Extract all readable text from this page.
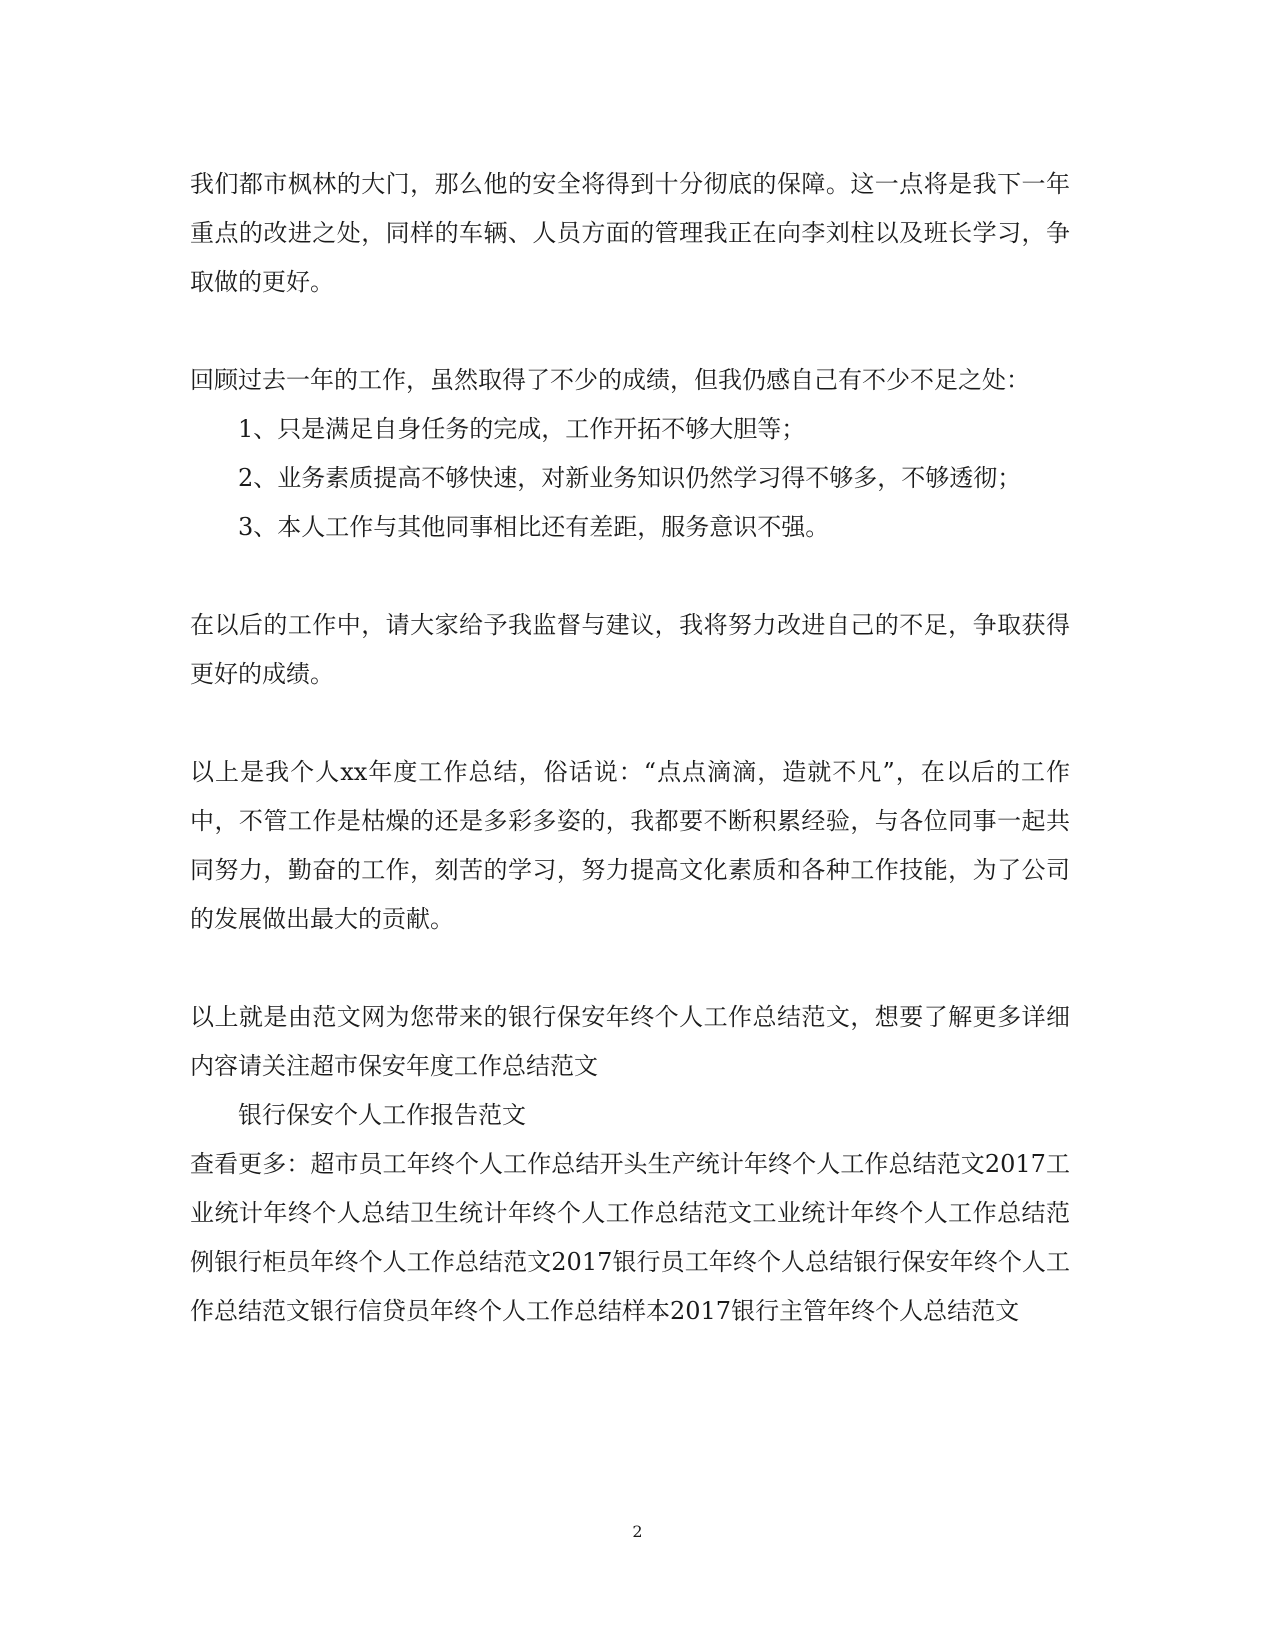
我们都市枫林的大门，那么他的安全将得到十分彻底的保障。这一点将是我下一年重点的改进之处，同样的车辆、人员方面的管理我正在向李刘柱以及班长学习，争取做的更好。

回顾过去一年的工作，虽然取得了不少的成绩，但我仍感自己有不少不足之处：

1、只是满足自身任务的完成，工作开拓不够大胆等；

2、业务素质提高不够快速，对新业务知识仍然学习得不够多，不够透彻；

3、本人工作与其他同事相比还有差距，服务意识不强。

在以后的工作中，请大家给予我监督与建议，我将努力改进自己的不足，争取获得更好的成绩。

以上是我个人xx年度工作总结，俗话说：“点点滴滴，造就不凡”，在以后的工作中，不管工作是枯燥的还是多彩多姿的，我都要不断积累经验，与各位同事一起共同努力，勤奋的工作，刻苦的学习，努力提高文化素质和各种工作技能，为了公司的发展做出最大的贡献。

以上就是由范文网为您带来的银行保安年终个人工作总结范文，想要了解更多详细内容请关注超市保安年度工作总结范文

银行保安个人工作报告范文

查看更多：超市员工年终个人工作总结开头生产统计年终个人工作总结范文2017工业统计年终个人总结卫生统计年终个人工作总结范文工业统计年终个人工作总结范例银行柜员年终个人工作总结范文2017银行员工年终个人总结银行保安年终个人工作总结范文银行信贷员年终个人工作总结样本2017银行主管年终个人总结范文

2
